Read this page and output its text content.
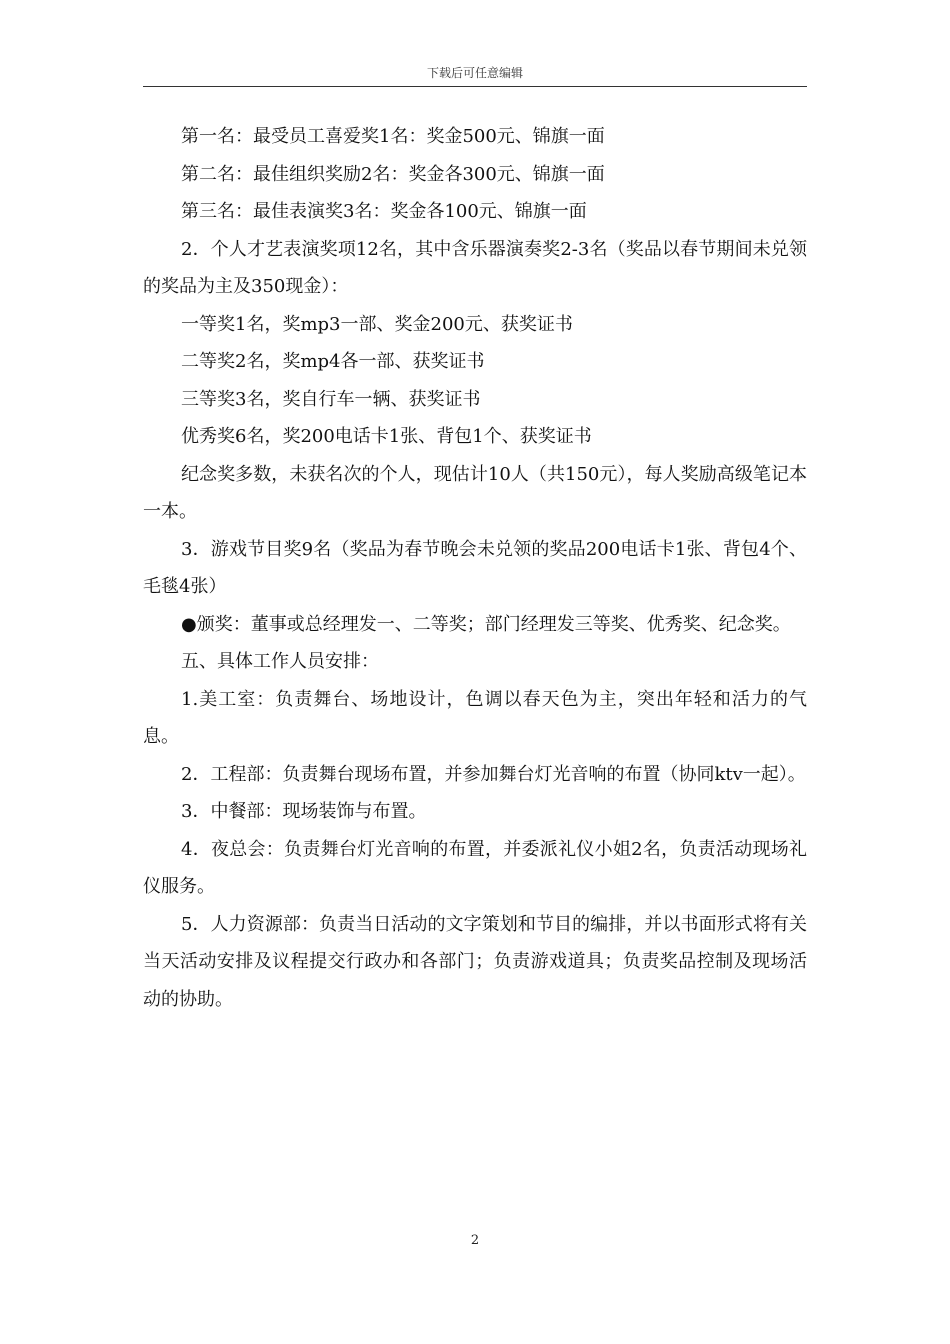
下载后可任意编辑

第一名：最受员工喜爱奖1名：奖金500元、锦旗一面

第二名：最佳组织奖励2名：奖金各300元、锦旗一面

第三名：最佳表演奖3名：奖金各100元、锦旗一面

2．个人才艺表演奖项12名，其中含乐器演奏奖2-3名（奖品以春节期间未兑领的奖品为主及350现金）：

一等奖1名，奖mp3一部、奖金200元、获奖证书

二等奖2名，奖mp4各一部、获奖证书

三等奖3名，奖自行车一辆、获奖证书

优秀奖6名，奖200电话卡1张、背包1个、获奖证书

纪念奖多数，未获名次的个人，现估计10人（共150元），每人奖励高级笔记本一本。

3．游戏节目奖9名（奖品为春节晚会未兑领的奖品200电话卡1张、背包4个、毛毯4张）

●颁奖：董事或总经理发一、二等奖；部门经理发三等奖、优秀奖、纪念奖。

五、具体工作人员安排：

1.美工室：负责舞台、场地设计，色调以春天色为主，突出年轻和活力的气息。

2．工程部：负责舞台现场布置，并参加舞台灯光音响的布置（协同ktv一起）。

3．中餐部：现场装饰与布置。

4．夜总会：负责舞台灯光音响的布置，并委派礼仪小姐2名，负责活动现场礼仪服务。

5．人力资源部：负责当日活动的文字策划和节目的编排，并以书面形式将有关当天活动安排及议程提交行政办和各部门；负责游戏道具；负责奖品控制及现场活动的协助。

2
